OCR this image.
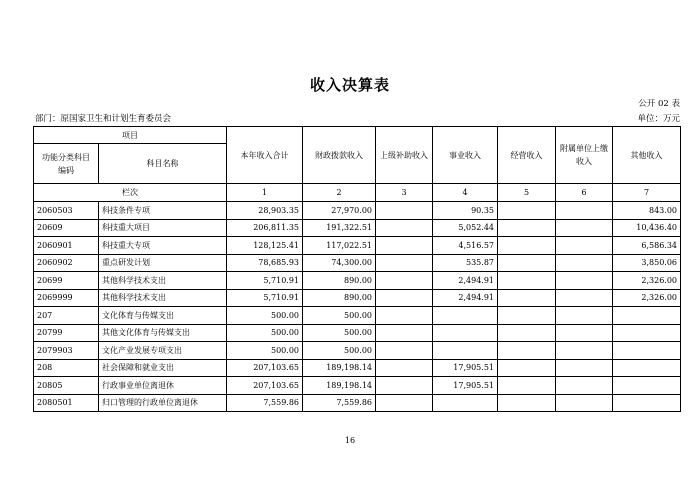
收入决算表
公开 02 表
部门：原国家卫生和计划生育委员会	单位：万元
项目		本年收入合计	财政拨款收入	上级补助收入	事业收入	经营收入	附属单位上缴收入	其他收入
功能分类科目编码	科目名称							
栏次		1	2	3	4	5	6	7
2060503	科技条件专项	28,903.35	27,970.00		90.35			843.00
20609	科技重大项目	206,811.35	191,322.51		5,052.44			10,436.40
2060901	科技重大专项	128,125.41	117,022.51		4,516.57			6,586.34
2060902	重点研发计划	78,685.93	74,300.00		535.87			3,850.06
20699	其他科学技术支出	5,710.91	890.00		2,494.91			2,326.00
2069999	其他科学技术支出	5,710.91	890.00		2,494.91			2,326.00
207	文化体育与传媒支出	500.00	500.00					
20799	其他文化体育与传媒支出	500.00	500.00					
2079903	文化产业发展专项支出	500.00	500.00					
208	社会保障和就业支出	207,103.65	189,198.14		17,905.51			
20805	行政事业单位离退休	207,103.65	189,198.14		17,905.51			
2080501	归口管理的行政单位离退休	7,559.86	7,559.86					
16
